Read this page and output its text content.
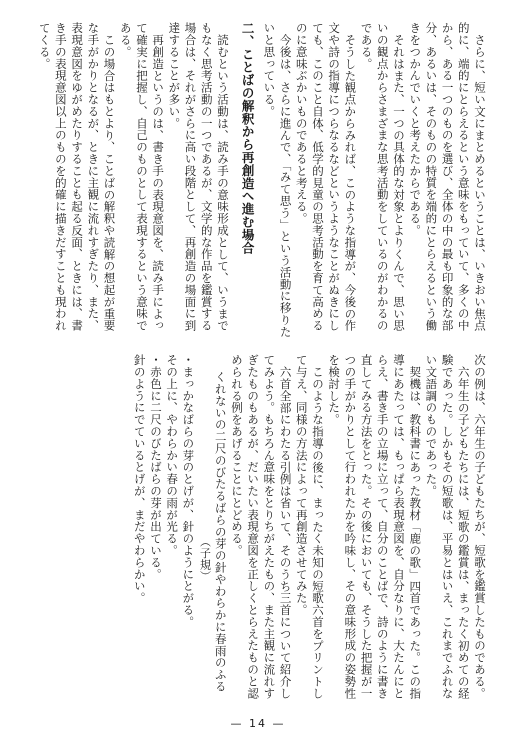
さらに、短い文にまとめるということは、いきおい焦点的に、端的にとらえるという意味をもっていて、多くの中から、ある一つのものを選び、全体の中の最も印象的な部分、あるいは、そのものの特質を端的にとらえるという働きをつかんでいくと考えたからである。

それはまた、一つの具体的な対象とよりくんで、思い思いの観点からさまざまな思考活動をしているのがわかるのである。

そうした観点からみれば、このような指導が、今後の作文や詩の指導につらなるなどというようなことがぬきにしても、このこと自体、低学的見童の思考活動を育て高めるのに意味ぶかいものであると考える。

今後は、さらに進んで、「みて思う」という活動に移りたいと思っている。

二、ことばの解釈から再創造へ進む場合

読むという活動は、読み手の意味形成として、いうまでもなく思考活動の一つであるが、文学的な作品を鑑賞する場合は、それがさらに高い段階として、再創造の場面に到達することが多い。

再創造というのは、書き手の表現意図を、読み手によって確実に把握し、自己のものとして表現するという意味である。

この場合はもとより、ことばの解釈や読解の想起が重要な手がかりとなるが、ときに主観に流れすぎたり、また、表現意図をゆがめたりすることも起る反面、ときには、書き手の表現意図以上のものを的確に描きだすことも現われてくる。

次の例は、六年生の子どもたちが、短歌を鑑賞したものである。

六年生の子どもたちには、短歌の鑑賞は、まったく初めての経験であった。しかもその短歌は、平易とはいえ、これまでふれない文語調のものであった。

契機は、教科書にあった教材「鹿の歌」四首であった。この指導にあたっては、もっぱら表現意図を、自分なりに、大たんにとらえ、書き手の立場に立って、自分のことばで、詩のように書き直してみる方法をとった。その後においても、そうした把握が一つの手がかりとして行われたかを吟味し、その意味形成の姿勢性を検討した。

このような指導の後に、まったく未知の短歌六首をプリントして与え、同様の方法によって再創造させてみた。

六首全部にわたる引例は省いて、そのうち三首について紹介してみよう。もちろん意味をとりちがえたもの、また主観に流れすぎたものもあるが、だいたい表現意図を正しくとらえたものと認められる例をあげることにとどめる。

くれないの二尺のびたるばらの芽の針やわらかに春雨のふる

（子規）

・まっかなばらの芽のとげが、針のようにとがる。

その上に、やわらかい春の雨が光る。

・赤色に二尺のびたばらの芽が出ている。

針のようにでているとげが、まだやわらかい。

— 14 —
